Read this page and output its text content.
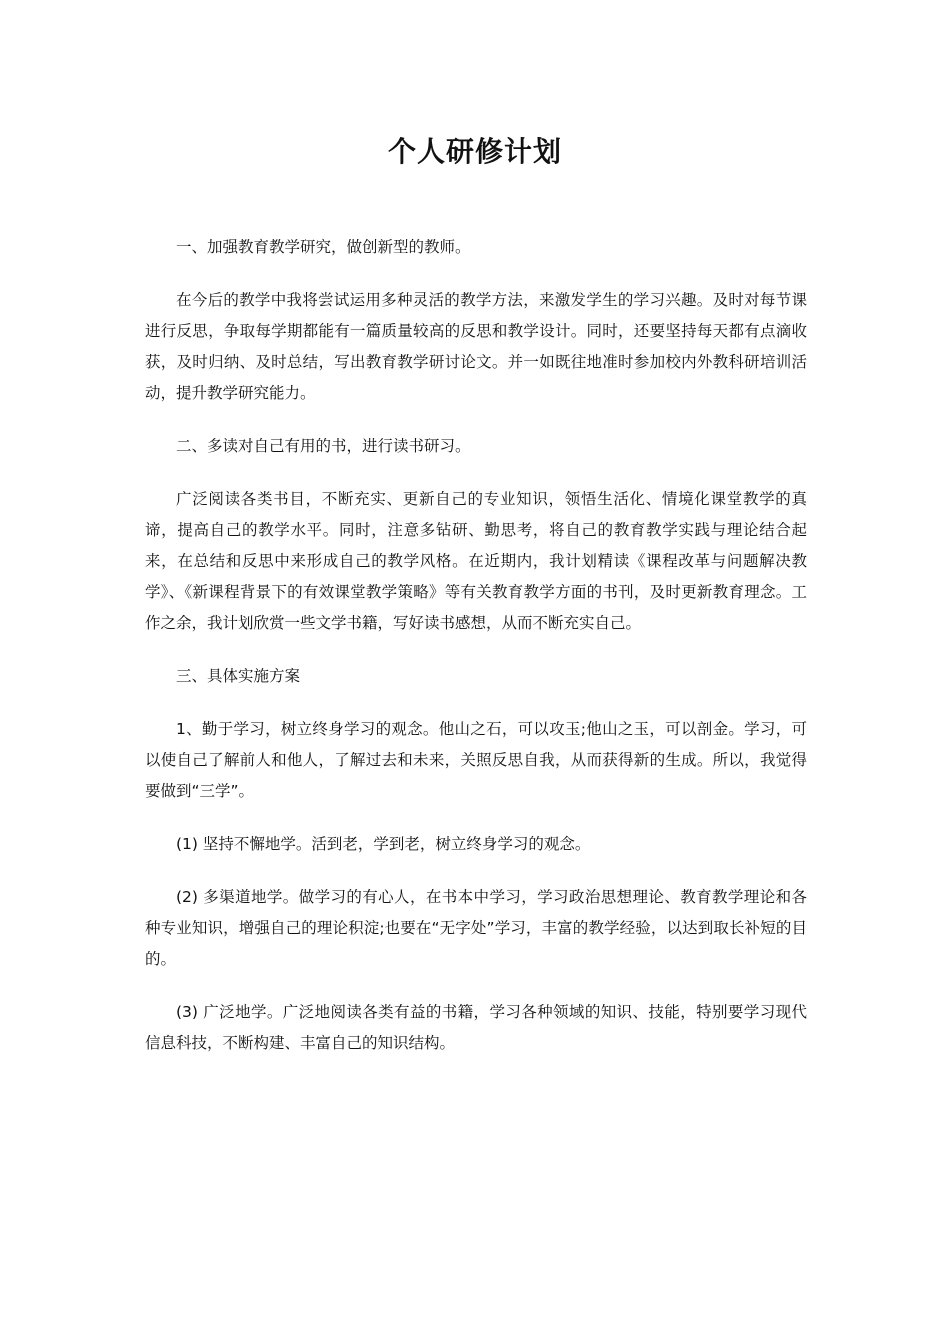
个人研修计划

一、加强教育教学研究，做创新型的教师。

在今后的教学中我将尝试运用多种灵活的教学方法，来激发学生的学习兴趣。及时对每节课进行反思，争取每学期都能有一篇质量较高的反思和教学设计。同时，还要坚持每天都有点滴收获，及时归纳、及时总结，写出教育教学研讨论文。并一如既往地准时参加校内外教科研培训活动，提升教学研究能力。

二、多读对自己有用的书，进行读书研习。

广泛阅读各类书目，不断充实、更新自己的专业知识，领悟生活化、情境化课堂教学的真谛，提高自己的教学水平。同时，注意多钻研、勤思考，将自己的教育教学实践与理论结合起来，在总结和反思中来形成自己的教学风格。在近期内，我计划精读《课程改革与问题解决教学》、《新课程背景下的有效课堂教学策略》等有关教育教学方面的书刊，及时更新教育理念。工作之余，我计划欣赏一些文学书籍，写好读书感想，从而不断充实自己。

三、具体实施方案

1、勤于学习，树立终身学习的观念。他山之石，可以攻玉;他山之玉，可以剖金。学习，可以使自己了解前人和他人，了解过去和未来，关照反思自我，从而获得新的生成。所以，我觉得要做到“三学”。

(1) 坚持不懈地学。活到老，学到老，树立终身学习的观念。

(2) 多渠道地学。做学习的有心人，在书本中学习，学习政治思想理论、教育教学理论和各种专业知识，增强自己的理论积淀;也要在“无字处”学习，丰富的教学经验，以达到取长补短的目的。

(3) 广泛地学。广泛地阅读各类有益的书籍，学习各种领域的知识、技能，特别要学习现代信息科技，不断构建、丰富自己的知识结构。
